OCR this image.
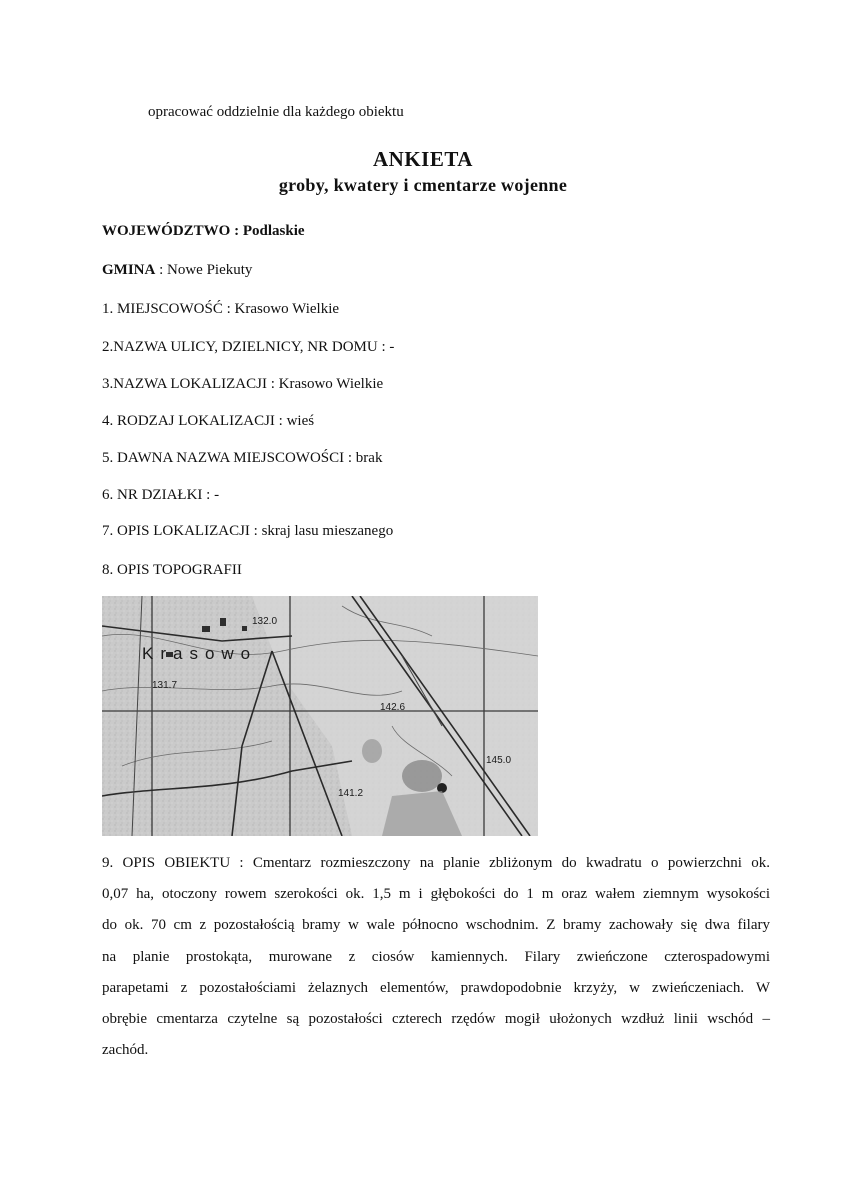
opracować oddzielnie dla każdego obiektu
ANKIETA
groby, kwatery i cmentarze wojenne
WOJEWÓDZTWO : Podlaskie
GMINA : Nowe Piekuty
1. MIEJSCOWOŚĆ : Krasowo Wielkie
2.NAZWA ULICY, DZIELNICY, NR DOMU : -
3.NAZWA LOKALIZACJI : Krasowo Wielkie
4. RODZAJ LOKALIZACJI : wieś
5. DAWNA NAZWA MIEJSCOWOŚCI : brak
6. NR DZIAŁKI : -
7. OPIS LOKALIZACJI : skraj lasu mieszanego
8. OPIS TOPOGRAFII
Krasowo
132.0
131.7
142.6
145.0
141.2
9. OPIS OBIEKTU : Cmentarz rozmieszczony na planie zbliżonym do kwadratu o powierzchni ok.
0,07 ha, otoczony rowem szerokości ok. 1,5 m i głębokości do 1 m oraz wałem ziemnym wysokości
do ok. 70 cm z pozostałością bramy w wale północno wschodnim. Z bramy zachowały się dwa filary
na planie prostokąta, murowane z ciosów kamiennych. Filary zwieńczone czterospadowymi
parapetami z pozostałościami żelaznych elementów, prawdopodobnie krzyży, w zwieńczeniach. W
obrębie cmentarza czytelne są pozostałości czterech rzędów mogił ułożonych wzdłuż linii wschód –
zachód.
